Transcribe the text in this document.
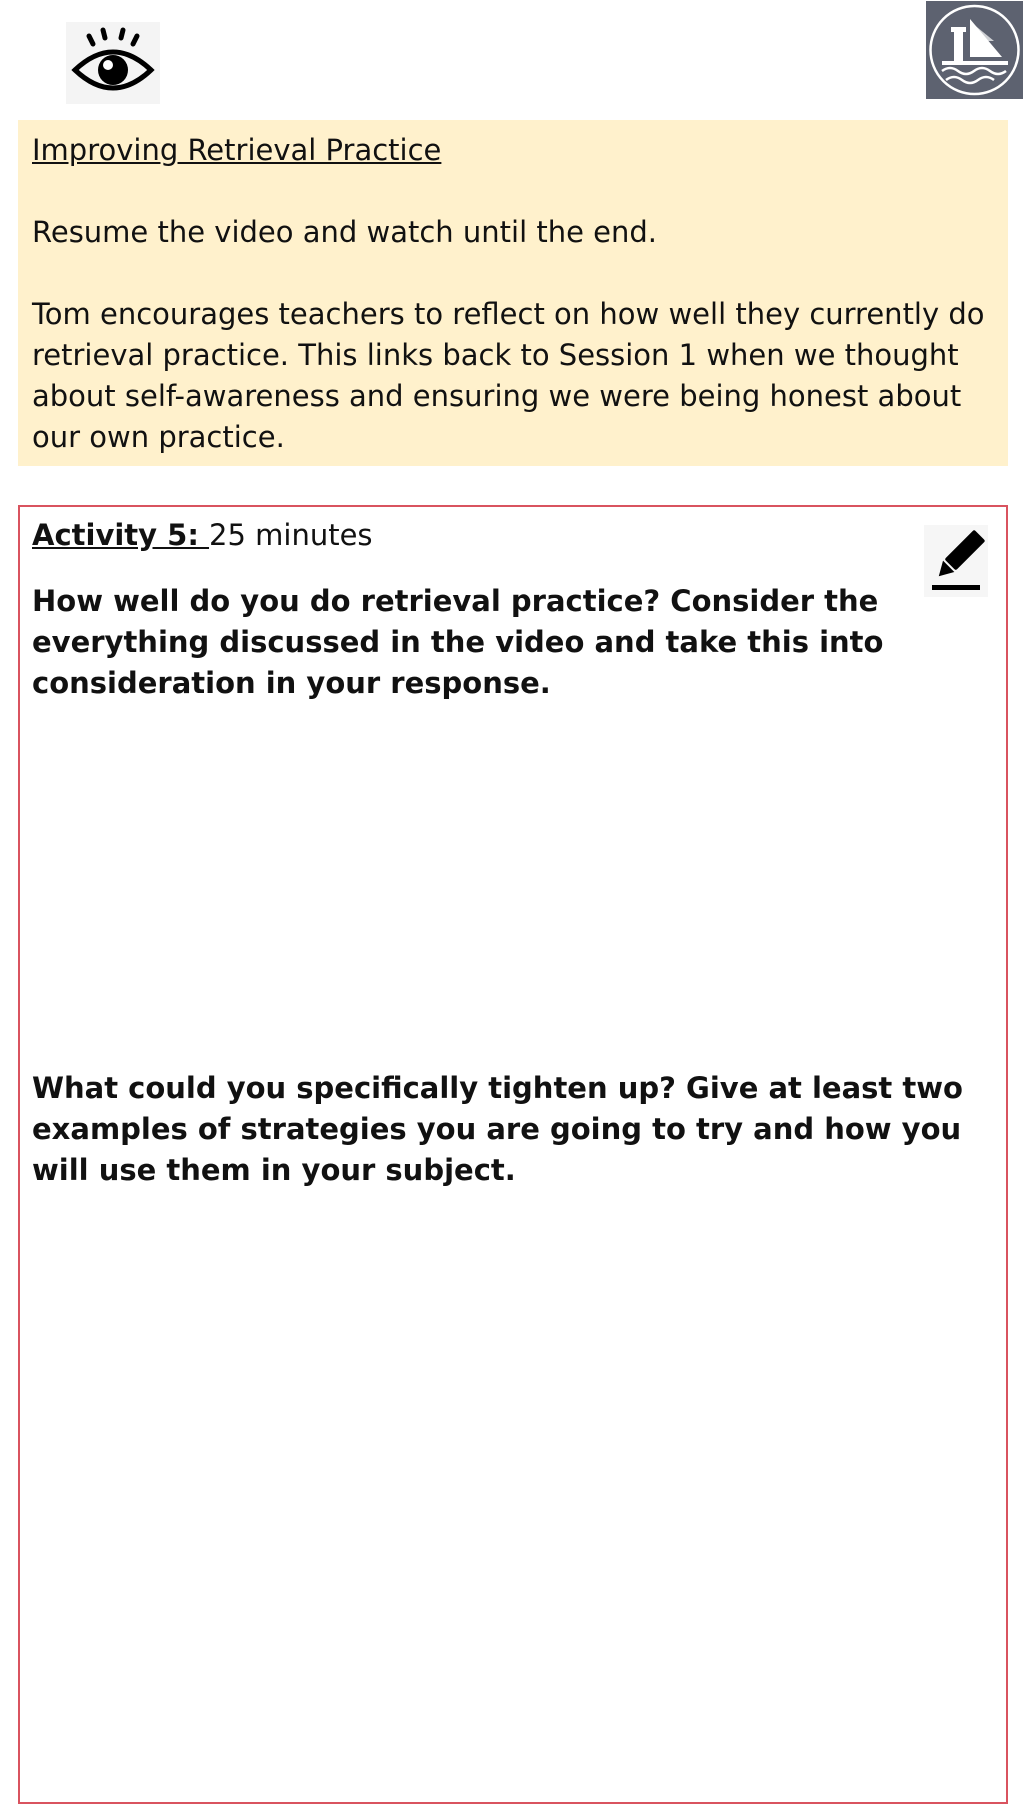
Improving Retrieval Practice

Resume the video and watch until the end.

Tom encourages teachers to reflect on how well they currently do retrieval practice. This links back to Session 1 when we thought about self-awareness and ensuring we were being honest about our own practice.

Activity 5: 25 minutes

How well do you do retrieval practice? Consider the everything discussed in the video and take this into consideration in your response.

What could you specifically tighten up? Give at least two examples of strategies you are going to try and how you will use them in your subject.
